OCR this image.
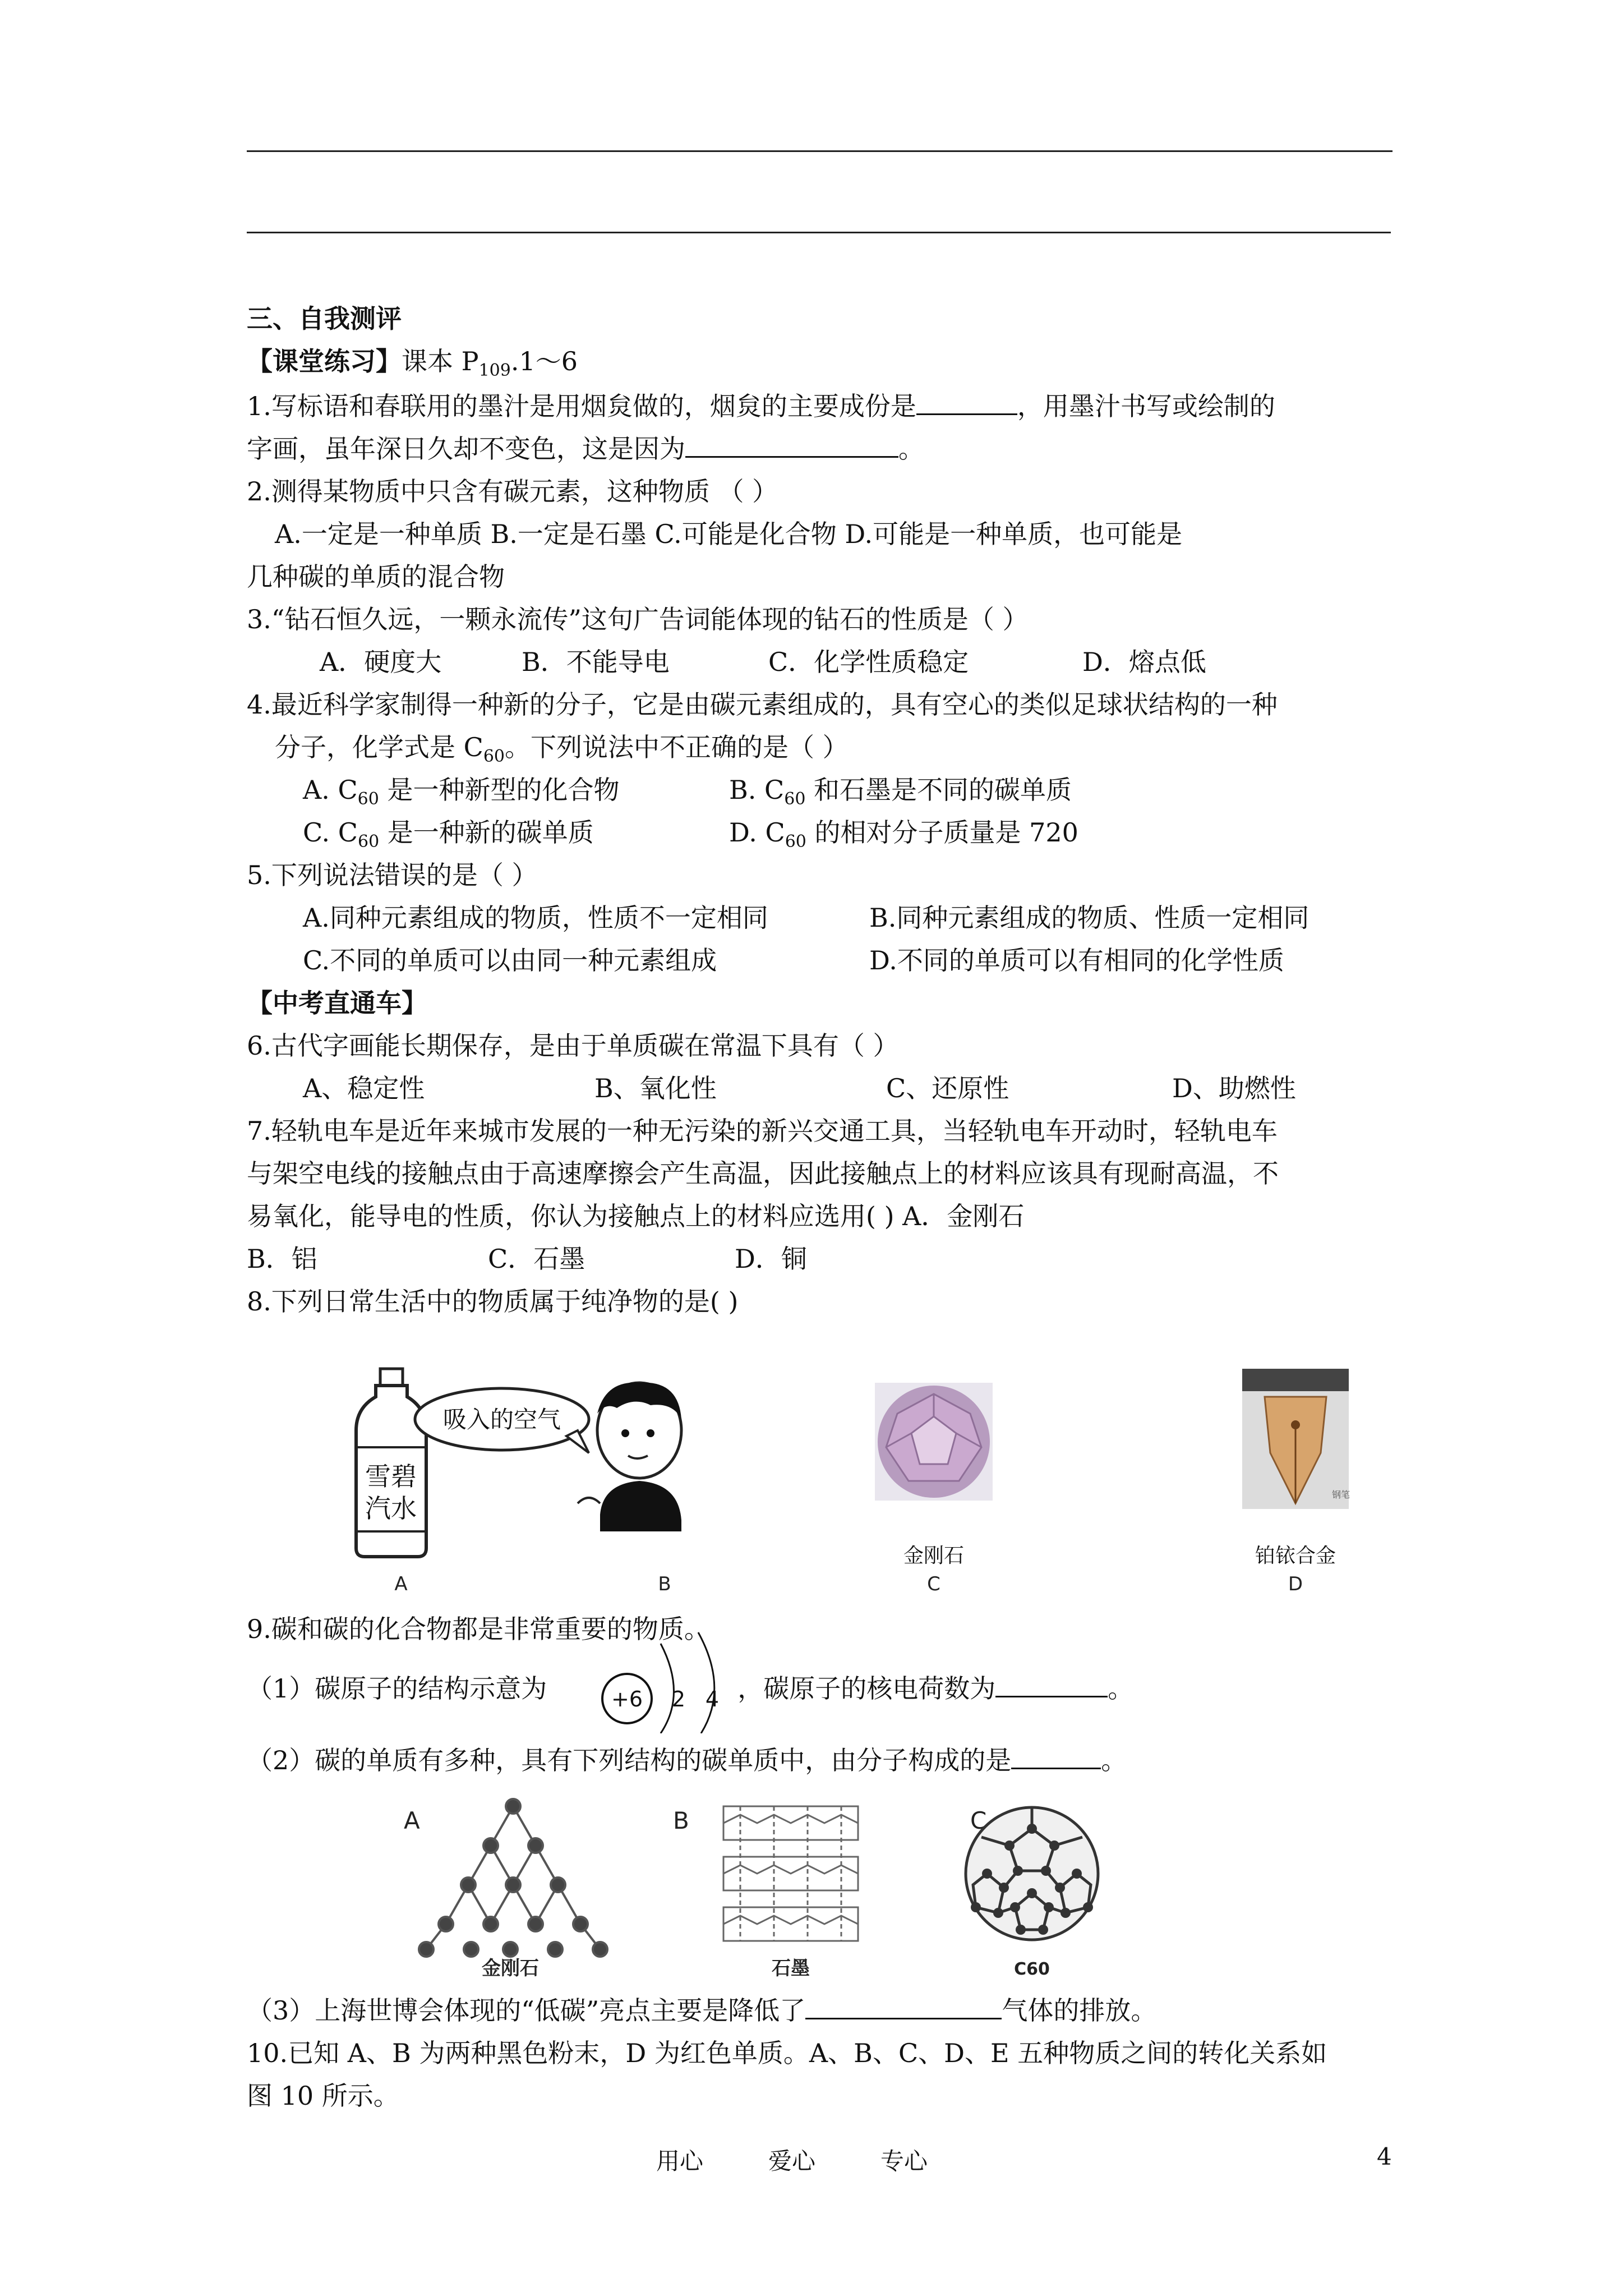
三、自我测评
【课堂练习】课本 $P_{109}.1\sim 6$
1.写标语和春联用的墨汁是用烟炱做的，烟炱的主要成份是	，用墨汁书写或绘制的
字画，虽年深日久却不变色，这是因为	。
2.测得某物质中只含有碳元素，这种物质 （ ）
A.一定是一种单质 B.一定是石墨 C.可能是化合物 D.可能是一种单质，也可能是
几种碳的单质的混合物
3.“钻石恒久远，一颗永流传”这句广告词能体现的钻石的性质是（ ）
A．硬度大	B．不能导电	C．化学性质稳定	D．熔点低
4.最近科学家制得一种新的分子，它是由碳元素组成的，具有空心的类似足球状结构的一种
分子，化学式是 $C_{60}$。下列说法中不正确的是（ ）
A. $C_{60}$ 是一种新型的化合物	B. $C_{60}$ 和石墨是不同的碳单质
C. $C_{60}$ 是一种新的碳单质	D. $C_{60}$ 的相对分子质量是 720
5.下列说法错误的是（ ）
A.同种元素组成的物质，性质不一定相同	B.同种元素组成的物质、性质一定相同
C.不同的单质可以由同一种元素组成	D.不同的单质可以有相同的化学性质
【中考直通车】
6.古代字画能长期保存，是由于单质碳在常温下具有（ ）
A、稳定性	B、氧化性	C、还原性	D、助燃性
7.轻轨电车是近年来城市发展的一种无污染的新兴交通工具，当轻轨电车开动时，轻轨电车
与架空电线的接触点由于高速摩擦会产生高温，因此接触点上的材料应该具有现耐高温，不
易氧化，能导电的性质，你认为接触点上的材料应选用( ) A．金刚石
B．铝	C．石墨	D．铜
8.下列日常生活中的物质属于纯净物的是( )
雪碧
汽水
吸入的空气
金刚石
钢笔
铂铱合金
A	B	C	D
9.碳和碳的化合物都是非常重要的物质。
（1）碳原子的结构示意为	，碳原子的核电荷数为	。
+6 2 4
（2）碳的单质有多种，具有下列结构的碳单质中，由分子构成的是	。
A	B	C
金刚石	石墨	C60
（3）上海世博会体现的“低碳”亮点主要是降低了	气体的排放。
10.已知 A、B 为两种黑色粉末，D 为红色单质。A、B、C、D、E 五种物质之间的转化关系如
图 10 所示。
用心	爱心	专心	4
